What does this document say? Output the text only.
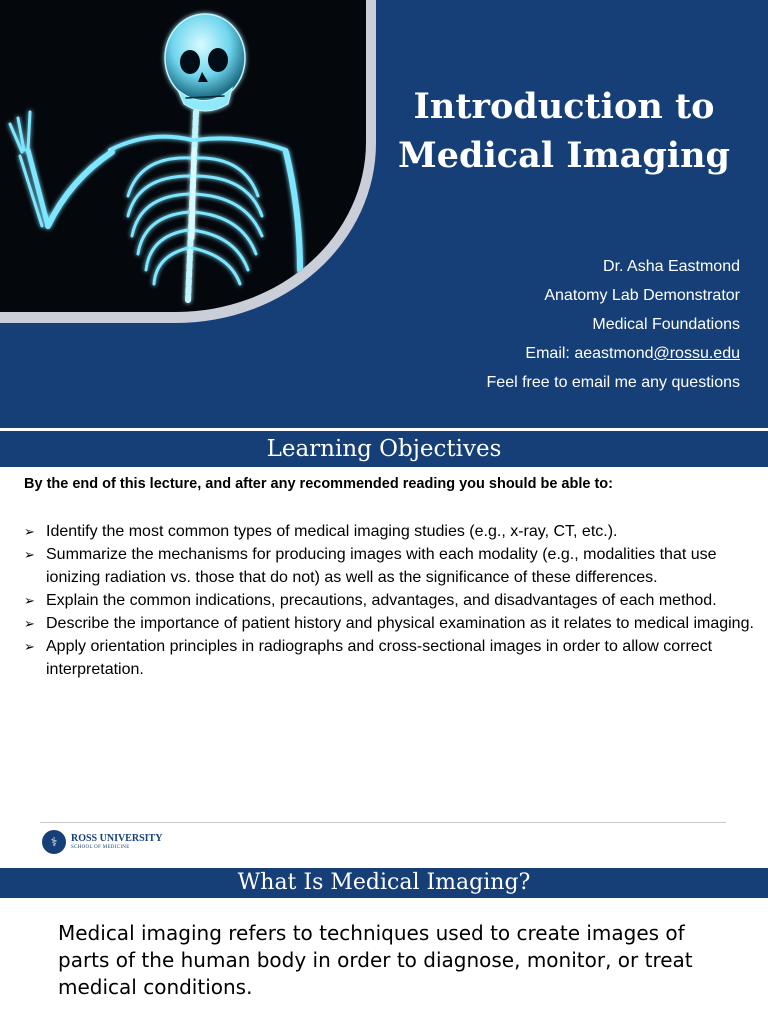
Introduction to
Medical Imaging
Dr. Asha Eastmond
Anatomy Lab Demonstrator
Medical Foundations
Email: aeastmond@rossu.edu
Feel free to email me any questions
Learning Objectives

By the end of this lecture, and after any recommended reading you should be able to:

➢ Identify the most common types of medical imaging studies (e.g., x-ray, CT, etc.).
➢ Summarize the mechanisms for producing images with each modality (e.g., modalities that use ionizing radiation vs. those that do not) as well as the significance of these differences.
➢ Explain the common indications, precautions, advantages, and disadvantages of each method.
➢ Describe the importance of patient history and physical examination as it relates to medical imaging.
➢ Apply orientation principles in radiographs and cross-sectional images in order to allow correct interpretation.
⚕	ROSS UNIVERSITY
SCHOOL OF MEDICINE
What Is Medical Imaging?

Medical imaging refers to techniques used to create images of parts of the human body in order to diagnose, monitor, or treat medical conditions.
